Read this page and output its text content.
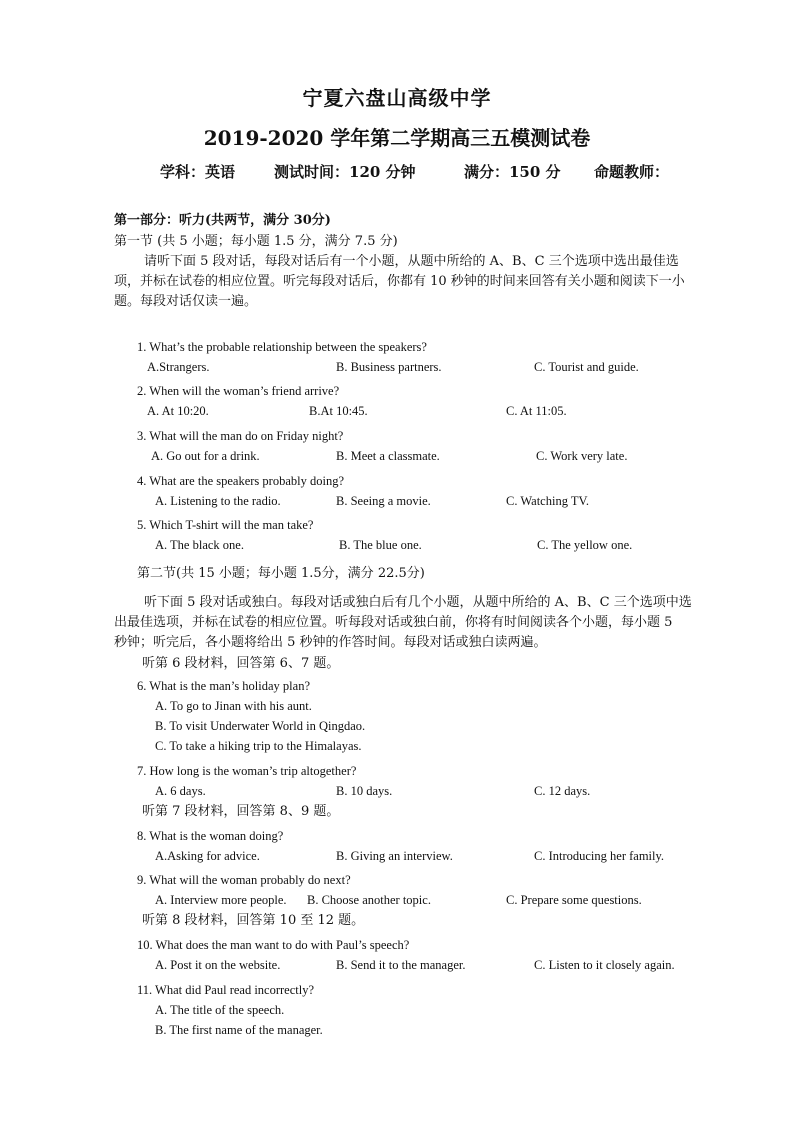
宁夏六盘山高级中学
2019-2020 学年第二学期高三五模测试卷
学科：英语	测试时间：120 分钟	满分：150 分 命题教师：
第一部分：听力(共两节，满分 30分)
第一节 (共 5 小题；每小题 1.5 分，满分 7.5 分)
请听下面 5 段对话，每段对话后有一个小题，从题中所给的 A、B、C 三个选项中选出最佳选
项，并标在试卷的相应位置。听完每段对话后，你都有 10 秒钟的时间来回答有关小题和阅读下一小
题。每段对话仅读一遍。
1. What’s the probable relationship between the speakers?
A.Strangers.	B. Business partners.	C. Tourist and guide.
2. When will the woman’s friend arrive?
A. At 10:20.	B.At 10:45.	C. At 11:05.
3. What will the man do on Friday night?
A. Go out for a drink.	B. Meet a classmate.	C. Work very late.
4. What are the speakers probably doing?
A. Listening to the radio.	B. Seeing a movie.	C. Watching TV.
5. Which T-shirt will the man take?
A. The black one.	B. The blue one.	C. The yellow one.
第二节(共 15 小题；每小题 1.5分，满分 22.5分)
听下面 5 段对话或独白。每段对话或独白后有几个小题，从题中所给的 A、B、C 三个选项中选
出最佳选项，并标在试卷的相应位置。听每段对话或独白前，你将有时间阅读各个小题，每小题 5
秒钟；听完后，各小题将给出 5 秒钟的作答时间。每段对话或独白读两遍。
听第 6 段材料，回答第 6、7 题。
6. What is the man’s holiday plan?
A. To go to Jinan with his aunt.
B. To visit Underwater World in Qingdao.
C. To take a hiking trip to the Himalayas.
7. How long is the woman’s trip altogether?
A. 6 days.	B. 10 days.	C. 12 days.
听第 7 段材料，回答第 8、9 题。
8. What is the woman doing?
A.Asking for advice.	B. Giving an interview.	C. Introducing her family.
9. What will the woman probably do next?
A. Interview more people. B. Choose another topic.	C. Prepare some questions.
听第 8 段材料，回答第 10 至 12 题。
10. What does the man want to do with Paul’s speech?
A. Post it on the website.	B. Send it to the manager.	C. Listen to it closely again.
11. What did Paul read incorrectly?
A. The title of the speech.
B. The first name of the manager.
